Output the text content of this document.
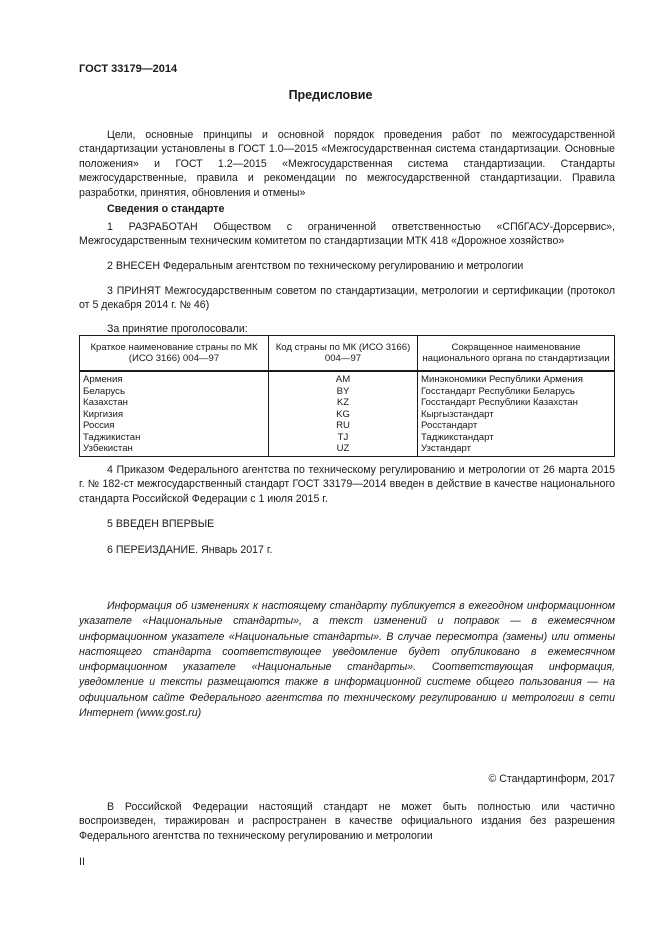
ГОСТ 33179—2014
Предисловие
Цели, основные принципы и основной порядок проведения работ по межгосударственной стандартизации установлены в ГОСТ 1.0—2015 «Межгосударственная система стандартизации. Основные положения» и ГОСТ 1.2—2015 «Межгосударственная система стандартизации. Стандарты межгосударственные, правила и рекомендации по межгосударственной стандартизации. Правила разработки, принятия, обновления и отмены»
Сведения о стандарте
1 РАЗРАБОТАН Обществом с ограниченной ответственностью «СПбГАСУ-Дорсервис», Межгосударственным техническим комитетом по стандартизации МТК 418 «Дорожное хозяйство»
2 ВНЕСЕН Федеральным агентством по техническому регулированию и метрологии
3 ПРИНЯТ Межгосударственным советом по стандартизации, метрологии и сертификации (протокол от 5 декабря 2014 г. № 46)
За принятие проголосовали:
Краткое наименование страны по МК (ИСО 3166) 004—97	Код страны по МК (ИСО 3166) 004—97	Сокращенное наименование национального органа по стандартизации
Армения	AM	Минэкономики Республики Армения
Беларусь	BY	Госстандарт Республики Беларусь
Казахстан	KZ	Госстандарт Республики Казахстан
Киргизия	KG	Кыргызстандарт
Россия	RU	Росстандарт
Таджикистан	TJ	Таджикстандарт
Узбекистан	UZ	Узстандарт
4 Приказом Федерального агентства по техническому регулированию и метрологии от 26 марта 2015 г. № 182-ст межгосударственный стандарт ГОСТ 33179—2014 введен в действие в качестве национального стандарта Российской Федерации с 1 июля 2015 г.
5 ВВЕДЕН ВПЕРВЫЕ
6 ПЕРЕИЗДАНИЕ. Январь 2017 г.
Информация об изменениях к настоящему стандарту публикуется в ежегодном информационном указателе «Национальные стандарты», а текст изменений и поправок — в ежемесячном информационном указателе «Национальные стандарты». В случае пересмотра (замены) или отмены настоящего стандарта соответствующее уведомление будет опубликовано в ежемесячном информационном указателе «Национальные стандарты». Соответствующая информация, уведомление и тексты размещаются также в информационной системе общего пользования — на официальном сайте Федерального агентства по техническому регулированию и метрологии в сети Интернет (www.gost.ru)
© Стандартинформ, 2017
В Российской Федерации настоящий стандарт не может быть полностью или частично воспроизведен, тиражирован и распространен в качестве официального издания без разрешения Федерального агентства по техническому регулированию и метрологии
II
